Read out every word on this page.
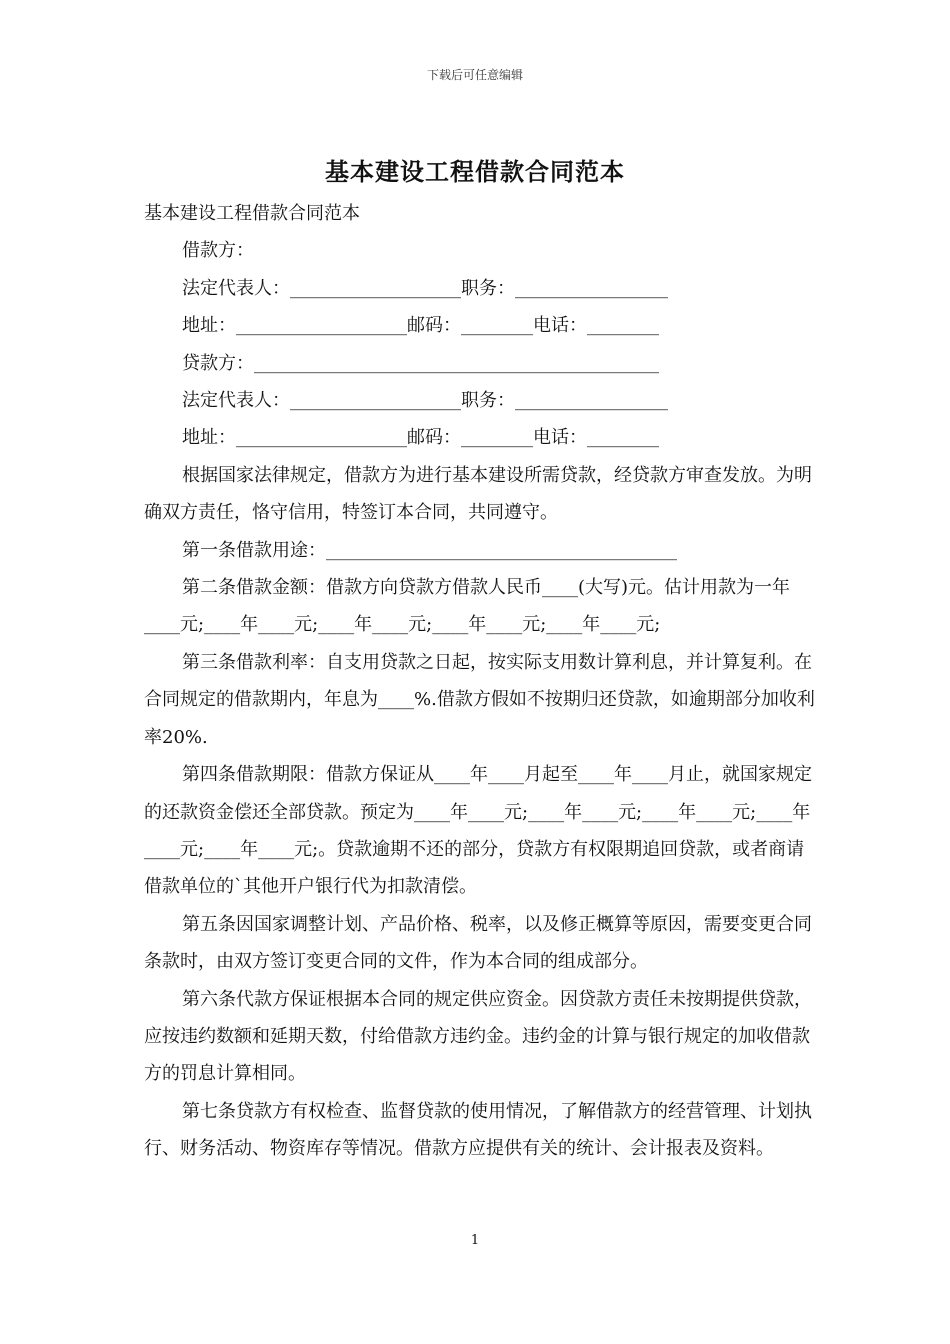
下载后可任意编辑
基本建设工程借款合同范本

基本建设工程借款合同范本

借款方：

法定代表人：___________________职务：_________________

地址：___________________邮码：________电话：________

贷款方：_____________________________________________

法定代表人：___________________职务：_________________

地址：___________________邮码：________电话：________

根据国家法律规定，借款方为进行基本建设所需贷款，经贷款方审查发放。为明确双方责任，恪守信用，特签订本合同，共同遵守。

第一条借款用途：_______________________________________

第二条借款金额：借款方向贷款方借款人民币____(大写)元。估计用款为一年____元;____年____元;____年____元;____年____元;____年____元;

第三条借款利率：自支用贷款之日起，按实际支用数计算利息，并计算复利。在合同规定的借款期内，年息为____%.借款方假如不按期归还贷款，如逾期部分加收利率20%.

第四条借款期限：借款方保证从____年____月起至____年____月止，就国家规定的还款资金偿还全部贷款。预定为____年____元;____年____元;____年____元;____年____元;____年____元;。贷款逾期不还的部分，贷款方有权限期追回贷款，或者商请借款单位的`其他开户银行代为扣款清偿。

第五条因国家调整计划、产品价格、税率，以及修正概算等原因，需要变更合同条款时，由双方签订变更合同的文件，作为本合同的组成部分。

第六条代款方保证根据本合同的规定供应资金。因贷款方责任未按期提供贷款，应按违约数额和延期天数，付给借款方违约金。违约金的计算与银行规定的加收借款方的罚息计算相同。

第七条贷款方有权检查、监督贷款的使用情况，了解借款方的经营管理、计划执行、财务活动、物资库存等情况。借款方应提供有关的统计、会计报表及资料。

1
